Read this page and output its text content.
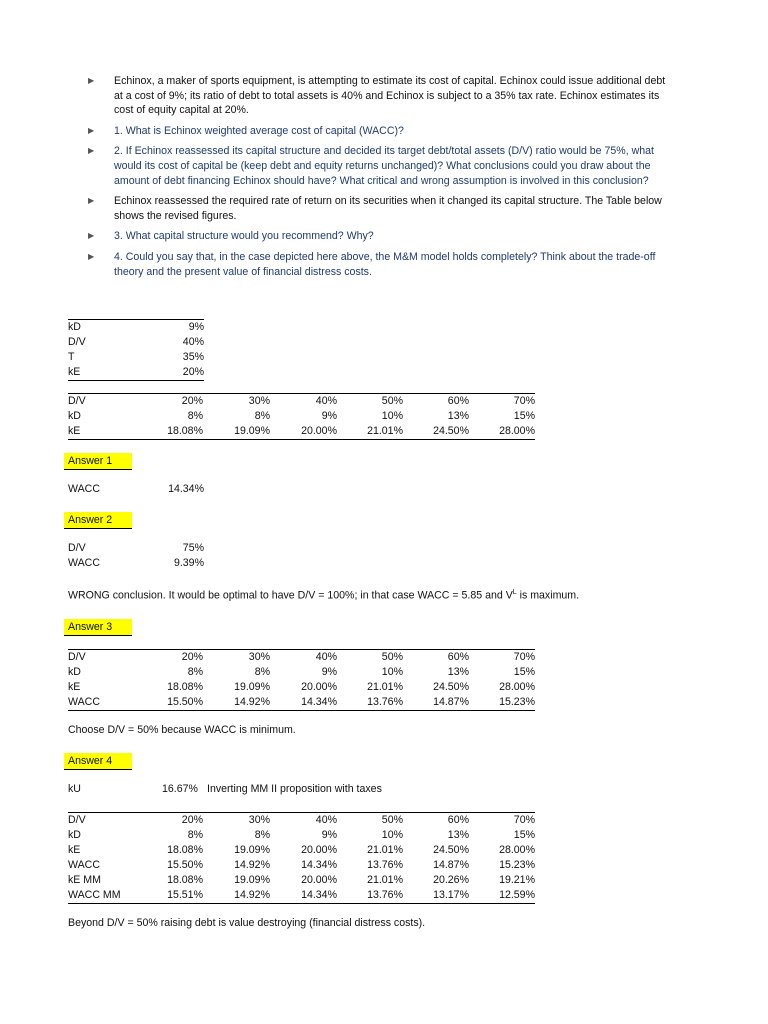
▶ Echinox, a maker of sports equipment, is attempting to estimate its cost of capital. Echinox could issue additional debt at a cost of 9%; its ratio of debt to total assets is 40% and Echinox is subject to a 35% tax rate. Echinox estimates its cost of equity capital at 20%.
▶ 1. What is Echinox weighted average cost of capital (WACC)?
▶ 2. If Echinox reassessed its capital structure and decided its target debt/total assets (D/V) ratio would be 75%, what would its cost of capital be (keep debt and equity returns unchanged)? What conclusions could you draw about the amount of debt financing Echinox should have? What critical and wrong assumption is involved in this conclusion?
▶ Echinox reassessed the required rate of return on its securities when it changed its capital structure. The Table below shows the revised figures.
▶ 3. What capital structure would you recommend? Why?
▶ 4. Could you say that, in the case depicted here above, the M&M model holds completely? Think about the trade-off theory and the present value of financial distress costs.
kD	9%
D/V	40%
T	35%
kE	20%
D/V	20%	30%	40%	50%	60%	70%
kD	8%	8%	9%	10%	13%	15%
kE	18.08%	19.09%	20.00%	21.01%	24.50%	28.00%
Answer 1
WACC	14.34%
Answer 2
D/V	75%
WACC	9.39%
WRONG conclusion. It would be optimal to have D/V = 100%; in that case WACC = 5.85 and $V^L$ is maximum.
Answer 3
D/V	20%	30%	40%	50%	60%	70%
kD	8%	8%	9%	10%	13%	15%
kE	18.08%	19.09%	20.00%	21.01%	24.50%	28.00%
WACC	15.50%	14.92%	14.34%	13.76%	14.87%	15.23%
Choose D/V = 50% because WACC is minimum.
Answer 4
kU	16.67% Inverting MM II proposition with taxes
D/V	20%	30%	40%	50%	60%	70%
kD	8%	8%	9%	10%	13%	15%
kE	18.08%	19.09%	20.00%	21.01%	24.50%	28.00%
WACC	15.50%	14.92%	14.34%	13.76%	14.87%	15.23%
kE MM	18.08%	19.09%	20.00%	21.01%	20.26%	19.21%
WACC MM	15.51%	14.92%	14.34%	13.76%	13.17%	12.59%
Beyond D/V = 50% raising debt is value destroying (financial distress costs).
